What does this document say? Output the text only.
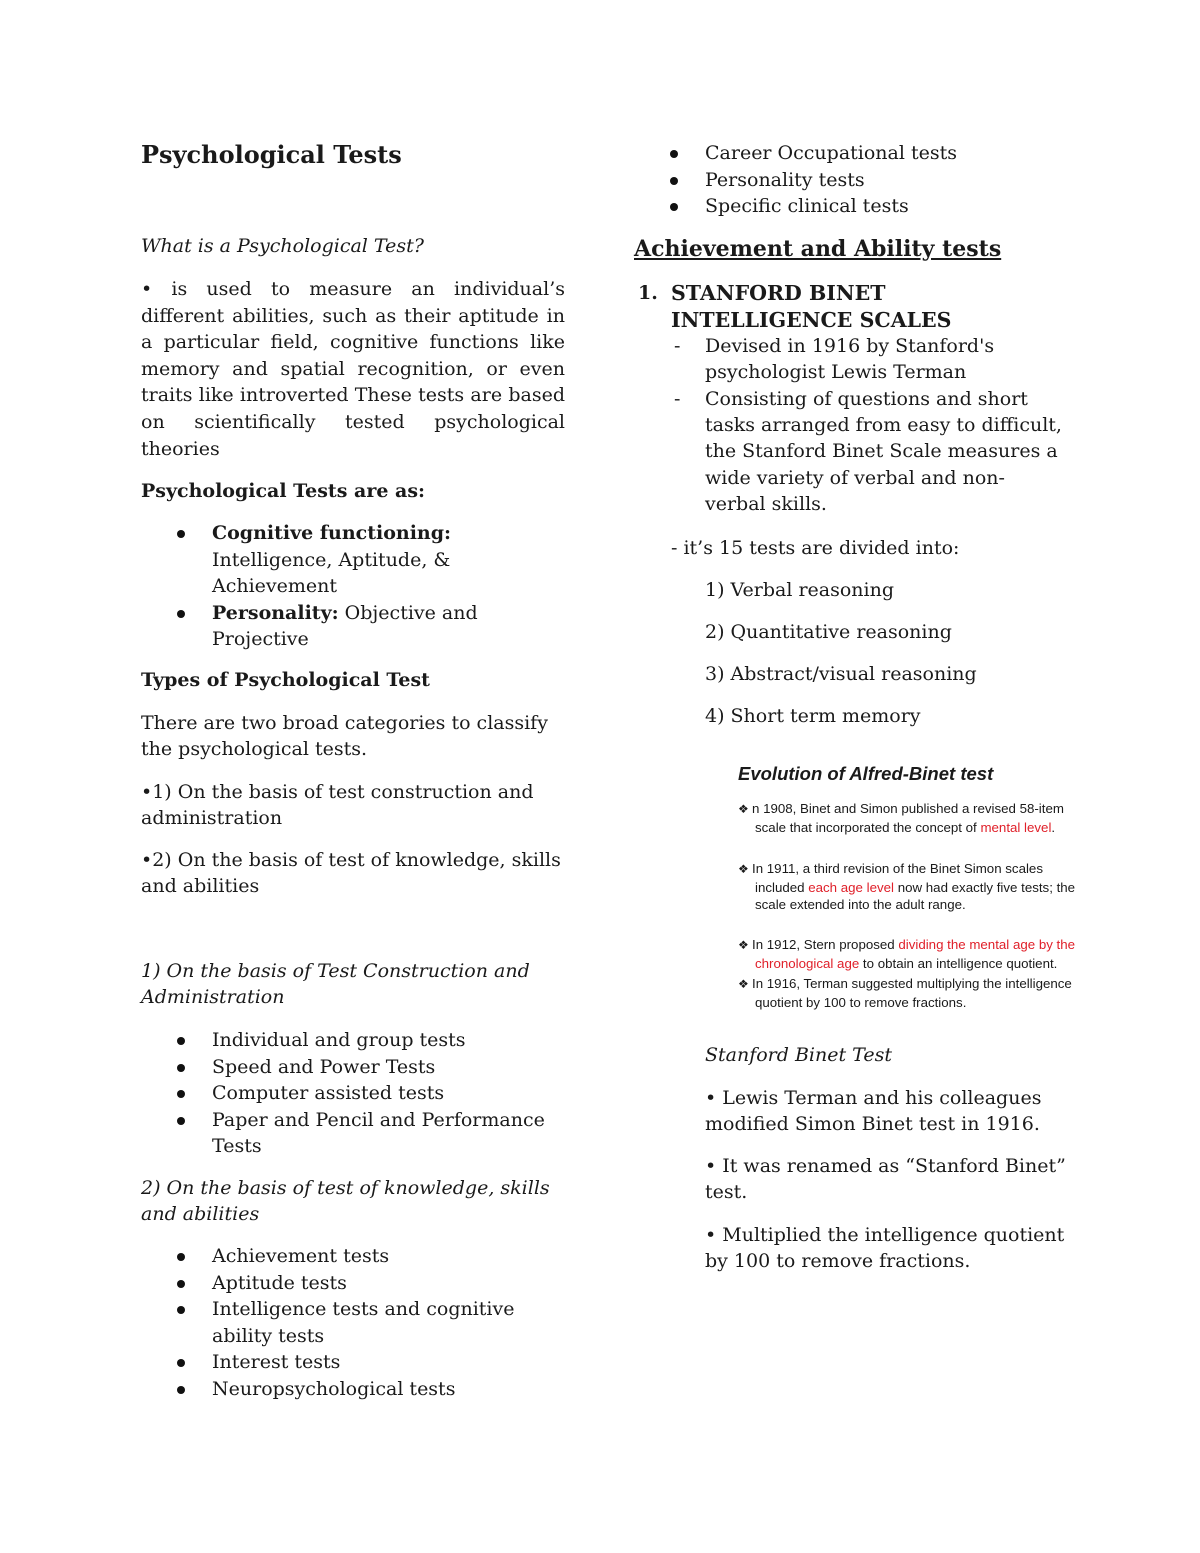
Psychological Tests
What is a Psychological Test?
• is used to measure an individual’s different abilities, such as their aptitude in a particular field, cognitive functions like memory and spatial recognition, or even traits like introverted These tests are based on scientifically tested psychological theories
Psychological Tests are as:
Cognitive functioning:
Intelligence, Aptitude, &
Achievement
Personality: Objective and
Projective
Types of Psychological Test
There are two broad categories to classify
the psychological tests.
•1) On the basis of test construction and
administration
•2) On the basis of test of knowledge, skills
and abilities
1) On the basis of Test Construction and
Administration
Individual and group tests
Speed and Power Tests
Computer assisted tests
Paper and Pencil and Performance
Tests
2) On the basis of test of knowledge, skills
and abilities
Achievement tests
Aptitude tests
Intelligence tests and cognitive
ability tests
Interest tests
Neuropsychological tests
Career Occupational tests
Personality tests
Specific clinical tests
Achievement and Ability tests
1. STANFORD BINET
INTELLIGENCE SCALES
- Devised in 1916 by Stanford's
psychologist Lewis Terman
- Consisting of questions and short
tasks arranged from easy to difficult,
the Stanford Binet Scale measures a
wide variety of verbal and non-
verbal skills.
- it’s 15 tests are divided into:
1) Verbal reasoning
2) Quantitative reasoning
3) Abstract/visual reasoning
4) Short term memory
Stanford Binet Test
• Lewis Terman and his colleagues
modified Simon Binet test in 1916.
• It was renamed as “Stanford Binet”
test.
• Multiplied the intelligence quotient
by 100 to remove fractions.
Evolution of Alfred-Binet test
❖ n 1908, Binet and Simon published a revised 58-item
scale that incorporated the concept of mental level.
❖ In 1911, a third revision of the Binet Simon scales
included each age level now had exactly five tests; the
scale extended into the adult range.
❖ In 1912, Stern proposed dividing the mental age by the
chronological age to obtain an intelligence quotient.
❖ In 1916, Terman suggested multiplying the intelligence
quotient by 100 to remove fractions.
